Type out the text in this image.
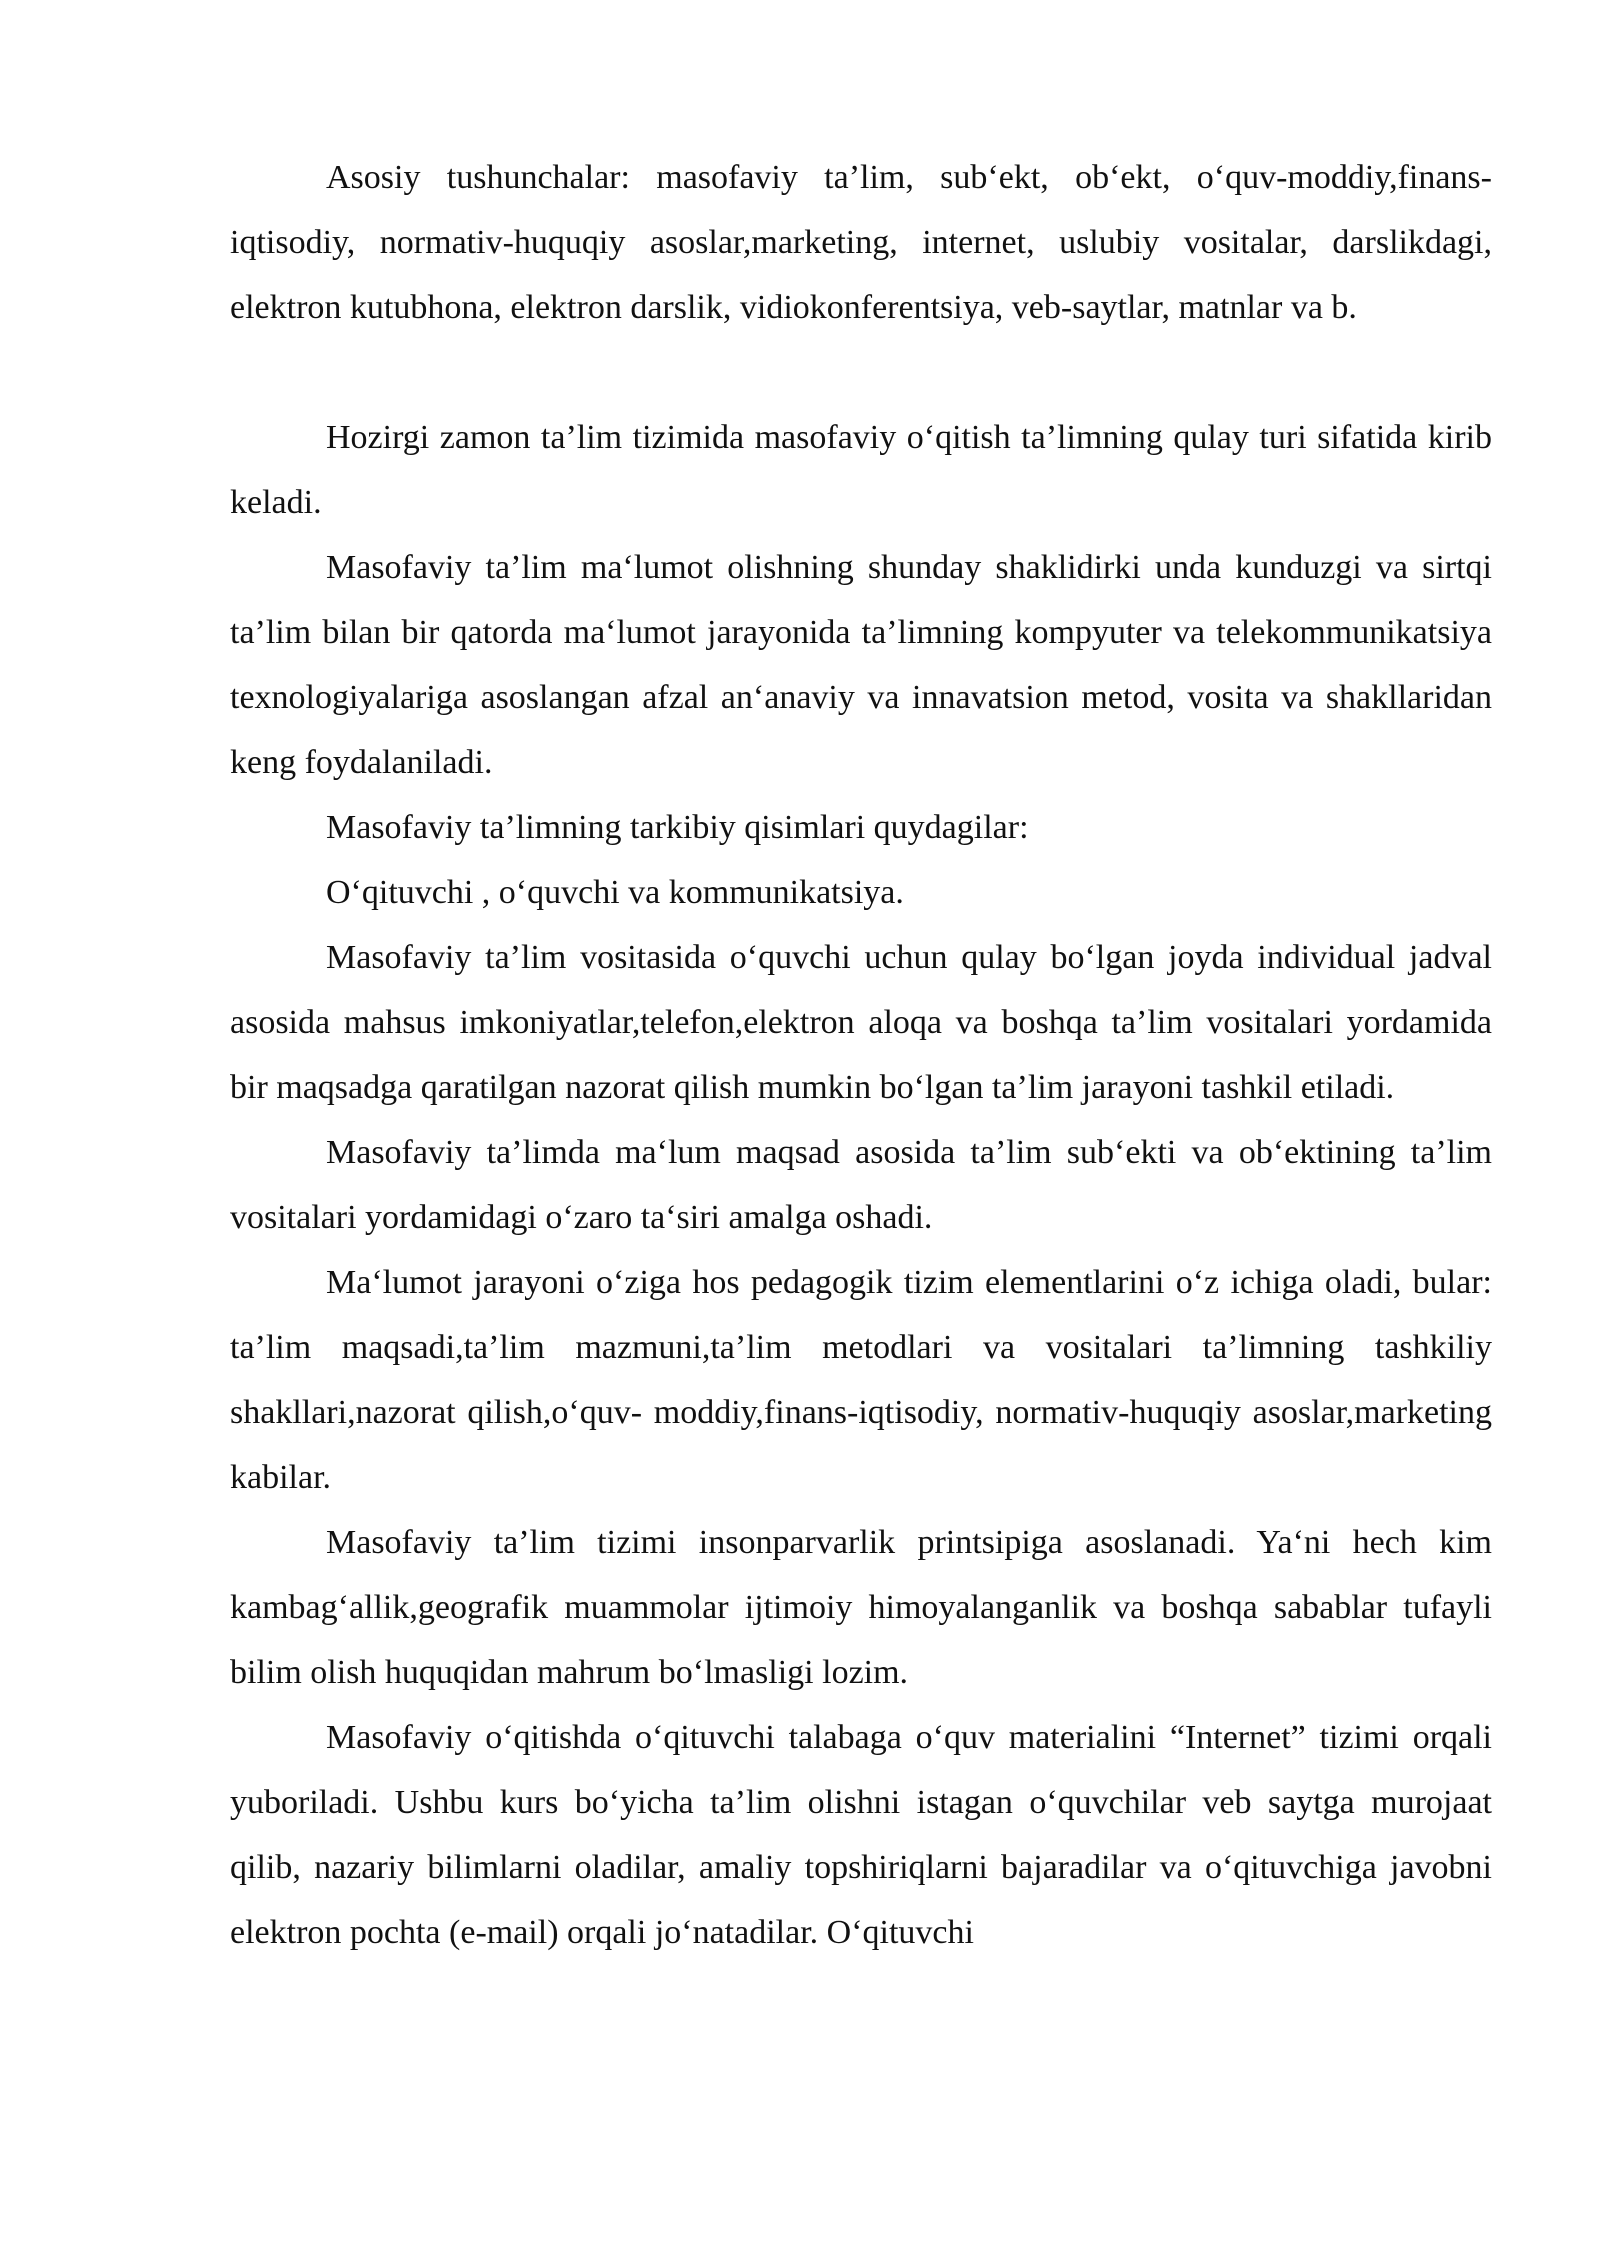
Asosiy tushunchalar: masofaviy ta’lim, sub‘ekt, ob‘ekt, o‘quv-moddiy,finans-iqtisodiy, normativ-huquqiy asoslar,marketing, internet, uslubiy vositalar, darslikdagi, elektron kutubhona, elektron darslik, vidiokonferentsiya, veb-saytlar, matnlar va b.

Hozirgi zamon ta’lim tizimida masofaviy o‘qitish ta’limning qulay turi sifatida kirib keladi.

Masofaviy ta’lim ma‘lumot olishning shunday shaklidirki unda kunduzgi va sirtqi ta’lim bilan bir qatorda ma‘lumot jarayonida ta’limning kompyuter va telekommunikatsiya texnologiyalariga asoslangan afzal an‘anaviy va innavatsion metod, vosita va shakllaridan keng foydalaniladi.

Masofaviy ta’limning tarkibiy qisimlari quydagilar:

O‘qituvchi , o‘quvchi va kommunikatsiya.

Masofaviy ta’lim vositasida o‘quvchi uchun qulay bo‘lgan joyda individual jadval asosida mahsus imkoniyatlar,telefon,elektron aloqa va boshqa ta’lim vositalari yordamida bir maqsadga qaratilgan nazorat qilish mumkin bo‘lgan ta’lim jarayoni tashkil etiladi.

Masofaviy ta’limda ma‘lum maqsad asosida ta’lim sub‘ekti va ob‘ektining ta’lim vositalari yordamidagi o‘zaro ta‘siri amalga oshadi.

Ma‘lumot jarayoni o‘ziga hos pedagogik tizim elementlarini o‘z ichiga oladi, bular: ta’lim maqsadi,ta’lim mazmuni,ta’lim metodlari va vositalari ta’limning tashkiliy shakllari,nazorat qilish,o‘quv- moddiy,finans-iqtisodiy, normativ-huquqiy asoslar,marketing kabilar.

Masofaviy ta’lim tizimi insonparvarlik printsipiga asoslanadi. Ya‘ni hech kim kambag‘allik,geografik muammolar ijtimoiy himoyalanganlik va boshqa sabablar tufayli bilim olish huquqidan mahrum bo‘lmasligi lozim.

Masofaviy o‘qitishda o‘qituvchi talabaga o‘quv materialini “Internet” tizimi orqali yuboriladi. Ushbu kurs bo‘yicha ta’lim olishni istagan o‘quvchilar veb saytga murojaat qilib, nazariy bilimlarni oladilar, amaliy topshiriqlarni bajaradilar va o‘qituvchiga javobni elektron pochta (e-mail) orqali jo‘natadilar. O‘qituvchi
